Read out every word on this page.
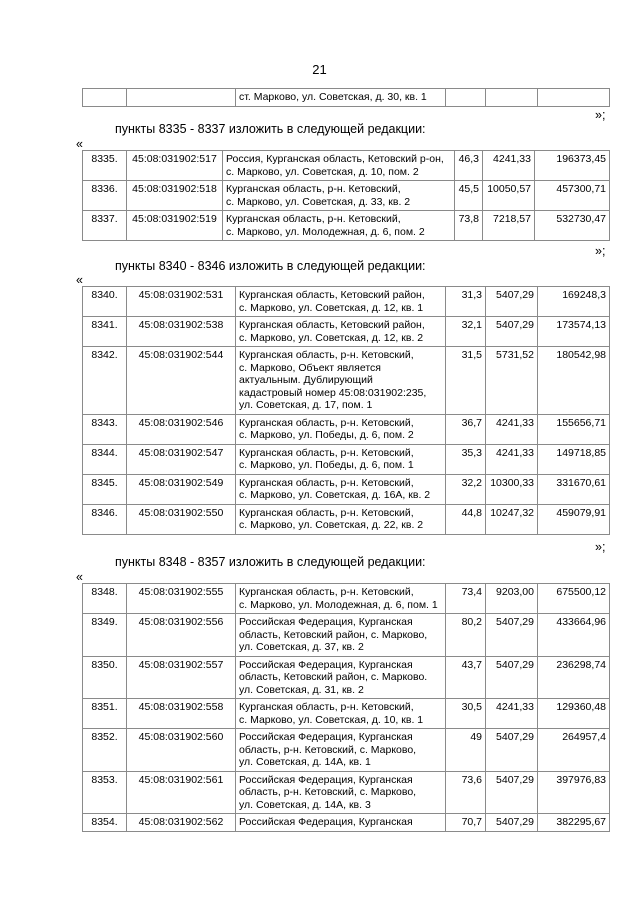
21
		ст. Марково, ул. Советская, д. 30, кв. 1			
»;
пункты 8335 - 8337 изложить в следующей редакции:
«
8335.	45:08:031902:517	Россия, Курганская область, Кетовский р-он,
с. Марково, ул. Советская, д. 10, пом. 2	46,3	4241,33	196373,45
8336.	45:08:031902:518	Курганская область, р-н. Кетовский,
с. Марково, ул. Советская, д. 33, кв. 2	45,5	10050,57	457300,71
8337.	45:08:031902:519	Курганская область, р-н. Кетовский,
с. Марково, ул. Молодежная, д. 6, пом. 2	73,8	7218,57	532730,47
»;
пункты 8340 - 8346 изложить в следующей редакции:
«
8340.	45:08:031902:531	Курганская область, Кетовский район,
с. Марково, ул. Советская, д. 12, кв. 1	31,3	5407,29	169248,3
8341.	45:08:031902:538	Курганская область, Кетовский район,
с. Марково, ул. Советская, д. 12, кв. 2	32,1	5407,29	173574,13
8342.	45:08:031902:544	Курганская область, р-н. Кетовский,
с. Марково, Объект является
актуальным. Дублирующий
кадастровый номер 45:08:031902:235,
ул. Советская, д. 17, пом. 1	31,5	5731,52	180542,98
8343.	45:08:031902:546	Курганская область, р-н. Кетовский,
с. Марково, ул. Победы, д. 6, пом. 2	36,7	4241,33	155656,71
8344.	45:08:031902:547	Курганская область, р-н. Кетовский,
с. Марково, ул. Победы, д. 6, пом. 1	35,3	4241,33	149718,85
8345.	45:08:031902:549	Курганская область, р-н. Кетовский,
с. Марково, ул. Советская, д. 16А, кв. 2	32,2	10300,33	331670,61
8346.	45:08:031902:550	Курганская область, р-н. Кетовский,
с. Марково, ул. Советская, д. 22, кв. 2	44,8	10247,32	459079,91
»;
пункты 8348 - 8357 изложить в следующей редакции:
«
8348.	45:08:031902:555	Курганская область, р-н. Кетовский,
с. Марково, ул. Молодежная, д. 6, пом. 1	73,4	9203,00	675500,12
8349.	45:08:031902:556	Российская Федерация, Курганская
область, Кетовский район, с. Марково,
ул. Советская, д. 37, кв. 2	80,2	5407,29	433664,96
8350.	45:08:031902:557	Российская Федерация, Курганская
область, Кетовский район, с. Марково.
ул. Советская, д. 31, кв. 2	43,7	5407,29	236298,74
8351.	45:08:031902:558	Курганская область, р-н. Кетовский,
с. Марково, ул. Советская, д. 10, кв. 1	30,5	4241,33	129360,48
8352.	45:08:031902:560	Российская Федерация, Курганская
область, р-н. Кетовский, с. Марково,
ул. Советская, д. 14А, кв. 1	49	5407,29	264957,4
8353.	45:08:031902:561	Российская Федерация, Курганская
область, р-н. Кетовский, с. Марково,
ул. Советская, д. 14А, кв. 3	73,6	5407,29	397976,83
8354.	45:08:031902:562	Российская Федерация, Курганская	70,7	5407,29	382295,67
